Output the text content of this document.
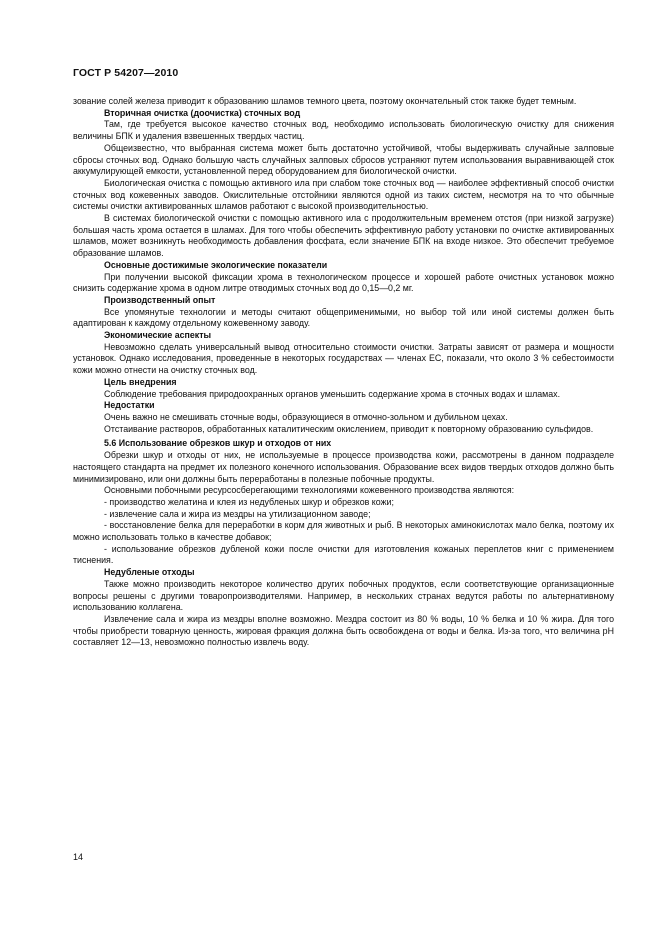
ГОСТ Р 54207—2010

зование солей железа приводит к образованию шламов темного цвета, поэтому окончательный сток также будет темным.

Вторичная очистка (доочистка) сточных вод

Там, где требуется высокое качество сточных вод, необходимо использовать биологическую очистку для снижения величины БПК и удаления взвешенных твердых частиц.

Общеизвестно, что выбранная система может быть достаточно устойчивой, чтобы выдерживать случайные залповые сбросы сточных вод. Однако большую часть случайных залповых сбросов устраняют путем использования выравнивающей сток аккумулирующей емкости, установленной перед оборудованием для биологической очистки.

Биологическая очистка с помощью активного ила при слабом токе сточных вод — наиболее эффективный способ очистки сточных вод кожевенных заводов. Окислительные отстойники являются одной из таких систем, несмотря на то что обычные системы очистки активированных шламов работают с высокой производительностью.

В системах биологической очистки с помощью активного ила с продолжительным временем отстоя (при низкой загрузке) большая часть хрома остается в шламах. Для того чтобы обеспечить эффективную работу установки по очистке активированных шламов, может возникнуть необходимость добавления фосфата, если значение БПК на входе низкое. Это обеспечит требуемое образование шламов.

Основные достижимые экологические показатели

При получении высокой фиксации хрома в технологическом процессе и хорошей работе очистных установок можно снизить содержание хрома в одном литре отводимых сточных вод до 0,15—0,2 мг.

Производственный опыт

Все упомянутые технологии и методы считают общеприменимыми, но выбор той или иной системы должен быть адаптирован к каждому отдельному кожевенному заводу.

Экономические аспекты

Невозможно сделать универсальный вывод относительно стоимости очистки. Затраты зависят от размера и мощности установок. Однако исследования, проведенные в некоторых государствах — членах ЕС, показали, что около 3 % себестоимости кожи можно отнести на очистку сточных вод.

Цель внедрения

Соблюдение требования природоохранных органов уменьшить содержание хрома в сточных водах и шламах.

Недостатки

Очень важно не смешивать сточные воды, образующиеся в отмочно-зольном и дубильном цехах.

Отстаивание растворов, обработанных каталитическим окислением, приводит к повторному образованию сульфидов.

5.6 Использование обрезков шкур и отходов от них

Обрезки шкур и отходы от них, не используемые в процессе производства кожи, рассмотрены в данном подразделе настоящего стандарта на предмет их полезного конечного использования. Образование всех видов твердых отходов должно быть минимизировано, или они должны быть переработаны в полезные побочные продукты.

Основными побочными ресурсосберегающими технологиями кожевенного производства являются:

- производство желатина и клея из недубленых шкур и обрезков кожи;
- извлечение сала и жира из мездры на утилизационном заводе;
- восстановление белка для переработки в корм для животных и рыб. В некоторых аминокислотах мало белка, поэтому их можно использовать только в качестве добавок;
- использование обрезков дубленой кожи после очистки для изготовления кожаных переплетов книг с применением тиснения.
Недубленые отходы

Также можно производить некоторое количество других побочных продуктов, если соответствующие организационные вопросы решены с другими товаропроизводителями. Например, в нескольких странах ведутся работы по альтернативному использованию коллагена.

Извлечение сала и жира из мездры вполне возможно. Мездра состоит из 80 % воды, 10 % белка и 10 % жира. Для того чтобы приобрести товарную ценность, жировая фракция должна быть освобождена от воды и белка. Из-за того, что величина pH составляет 12—13, невозможно полностью извлечь воду.

14
